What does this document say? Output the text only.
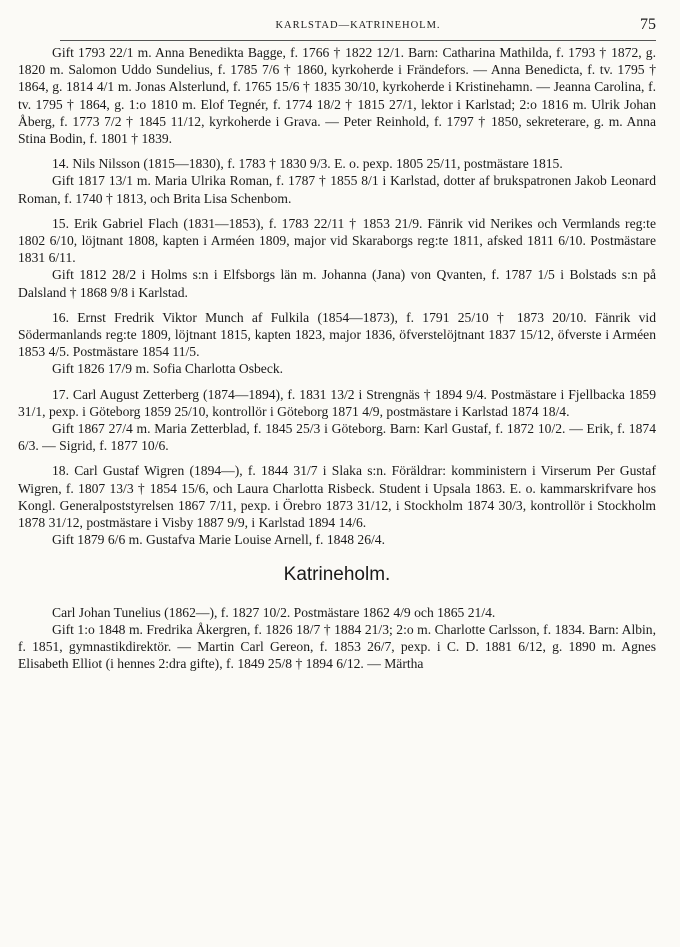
KARLSTAD—KATRINEHOLM.	75

Gift 1793 22/1 m. Anna Benedikta Bagge, f. 1766 † 1822 12/1. Barn: Catharina Mathilda, f. 1793 † 1872, g. 1820 m. Salomon Uddo Sundelius, f. 1785 7/6 † 1860, kyrkoherde i Frändefors. — Anna Benedicta, f. tv. 1795 † 1864, g. 1814 4/1 m. Jonas Alsterlund, f. 1765 15/6 † 1835 30/10, kyrkoherde i Kristinehamn. — Jeanna Carolina, f. tv. 1795 † 1864, g. 1:o 1810 m. Elof Tegnér, f. 1774 18/2 † 1815 27/1, lektor i Karlstad; 2:o 1816 m. Ulrik Johan Åberg, f. 1773 7/2 † 1845 11/12, kyrkoherde i Grava. — Peter Reinhold, f. 1797 † 1850, sekreterare, g. m. Anna Stina Bodin, f. 1801 † 1839.

14. Nils Nilsson (1815—1830), f. 1783 † 1830 9/3. E. o. pexp. 1805 25/11, postmästare 1815.

Gift 1817 13/1 m. Maria Ulrika Roman, f. 1787 † 1855 8/1 i Karlstad, dotter af brukspatronen Jakob Leonard Roman, f. 1740 † 1813, och Brita Lisa Schenbom.

15. Erik Gabriel Flach (1831—1853), f. 1783 22/11 † 1853 21/9. Fänrik vid Nerikes och Vermlands reg:te 1802 6/10, löjtnant 1808, kapten i Arméen 1809, major vid Skaraborgs reg:te 1811, afsked 1811 6/10. Postmästare 1831 6/11.

Gift 1812 28/2 i Holms s:n i Elfsborgs län m. Johanna (Jana) von Qvanten, f. 1787 1/5 i Bolstads s:n på Dalsland † 1868 9/8 i Karlstad.

16. Ernst Fredrik Viktor Munch af Fulkila (1854—1873), f. 1791 25/10 † 1873 20/10. Fänrik vid Södermanlands reg:te 1809, löjtnant 1815, kapten 1823, major 1836, öfverstelöjtnant 1837 15/12, öfverste i Arméen 1853 4/5. Postmästare 1854 11/5.

Gift 1826 17/9 m. Sofia Charlotta Osbeck.

17. Carl August Zetterberg (1874—1894), f. 1831 13/2 i Strengnäs † 1894 9/4. Postmästare i Fjellbacka 1859 31/1, pexp. i Göteborg 1859 25/10, kontrollör i Göteborg 1871 4/9, postmästare i Karlstad 1874 18/4.

Gift 1867 27/4 m. Maria Zetterblad, f. 1845 25/3 i Göteborg. Barn: Karl Gustaf, f. 1872 10/2. — Erik, f. 1874 6/3. — Sigrid, f. 1877 10/6.

18. Carl Gustaf Wigren (1894—), f. 1844 31/7 i Slaka s:n. Föräldrar: komministern i Virserum Per Gustaf Wigren, f. 1807 13/3 † 1854 15/6, och Laura Charlotta Risbeck. Student i Upsala 1863. E. o. kammarskrifvare hos Kongl. Generalpoststyrelsen 1867 7/11, pexp. i Örebro 1873 31/12, i Stockholm 1874 30/3, kontrollör i Stockholm 1878 31/12, postmästare i Visby 1887 9/9, i Karlstad 1894 14/6.

Gift 1879 6/6 m. Gustafva Marie Louise Arnell, f. 1848 26/4.

Katrineholm.

Carl Johan Tunelius (1862—), f. 1827 10/2. Postmästare 1862 4/9 och 1865 21/4.

Gift 1:o 1848 m. Fredrika Åkergren, f. 1826 18/7 † 1884 21/3; 2:o m. Charlotte Carlsson, f. 1834. Barn: Albin, f. 1851, gymnastikdirektör. — Martin Carl Gereon, f. 1853 26/7, pexp. i C. D. 1881 6/12, g. 1890 m. Agnes Elisabeth Elliot (i hennes 2:dra gifte), f. 1849 25/8 † 1894 6/12. — Märtha
